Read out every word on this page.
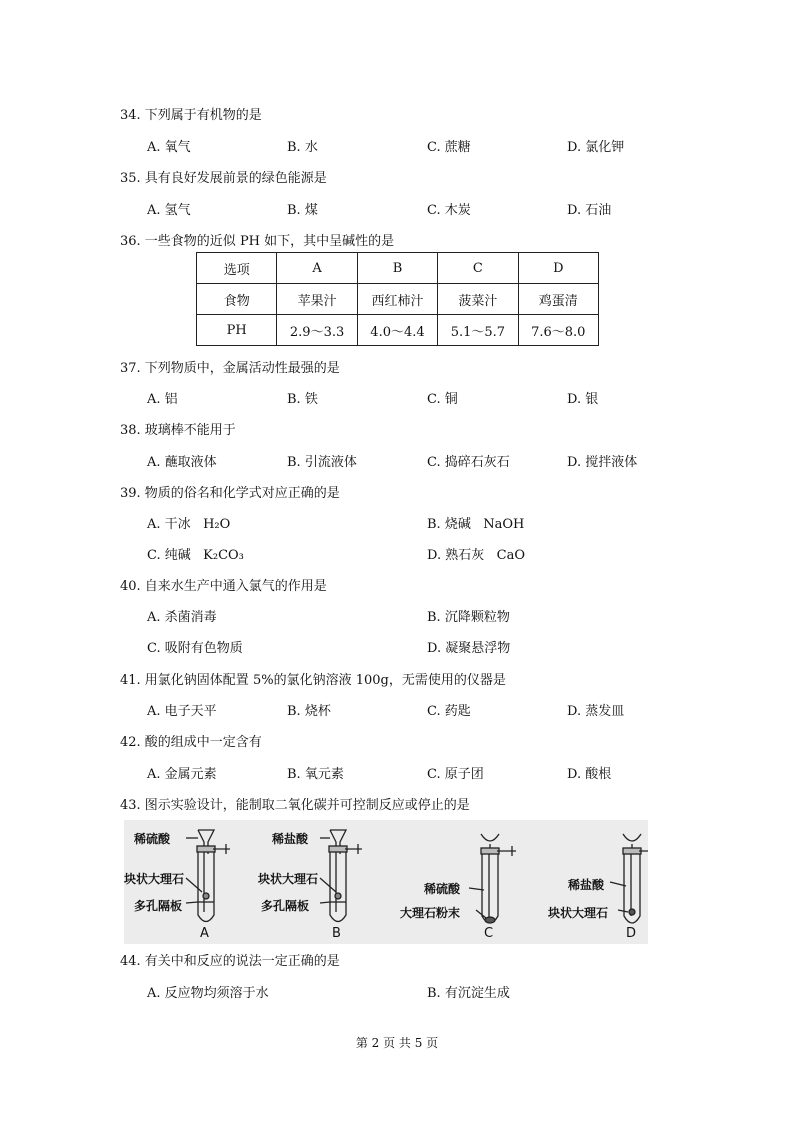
34. 下列属于有机物的是
A. 氧气	B. 水	C. 蔗糖	D. 氯化钾
35. 具有良好发展前景的绿色能源是
A. 氢气	B. 煤	C. 木炭	D. 石油
36. 一些食物的近似 PH 如下，其中呈碱性的是
选项	A	B	C	D
食物	苹果汁	西红柿汁	菠菜汁	鸡蛋清
PH	2.9～3.3	4.0～4.4	5.1～5.7	7.6～8.0
37. 下列物质中，金属活动性最强的是
A. 铝	B. 铁	C. 铜	D. 银
38. 玻璃棒不能用于
A. 蘸取液体	B. 引流液体	C. 捣碎石灰石	D. 搅拌液体
39. 物质的俗名和化学式对应正确的是
A. 干冰 H₂O	B. 烧碱 NaOH
C. 纯碱 K₂CO₃	D. 熟石灰 CaO
40. 自来水生产中通入氯气的作用是
A. 杀菌消毒	B. 沉降颗粒物
C. 吸附有色物质	D. 凝聚悬浮物
41. 用氯化钠固体配置 5%的氯化钠溶液 100g，无需使用的仪器是
A. 电子天平	B. 烧杯	C. 药匙	D. 蒸发皿
42. 酸的组成中一定含有
A. 金属元素	B. 氧元素	C. 原子团	D. 酸根
43. 图示实验设计，能制取二氧化碳并可控制反应或停止的是
稀硫酸
块状大理石
多孔隔板
A
稀盐酸
块状大理石
多孔隔板
B
稀硫酸
大理石粉末
C
稀盐酸
块状大理石
D
44. 有关中和反应的说法一定正确的是
A. 反应物均须溶于水	B. 有沉淀生成
第 2 页 共 5 页
